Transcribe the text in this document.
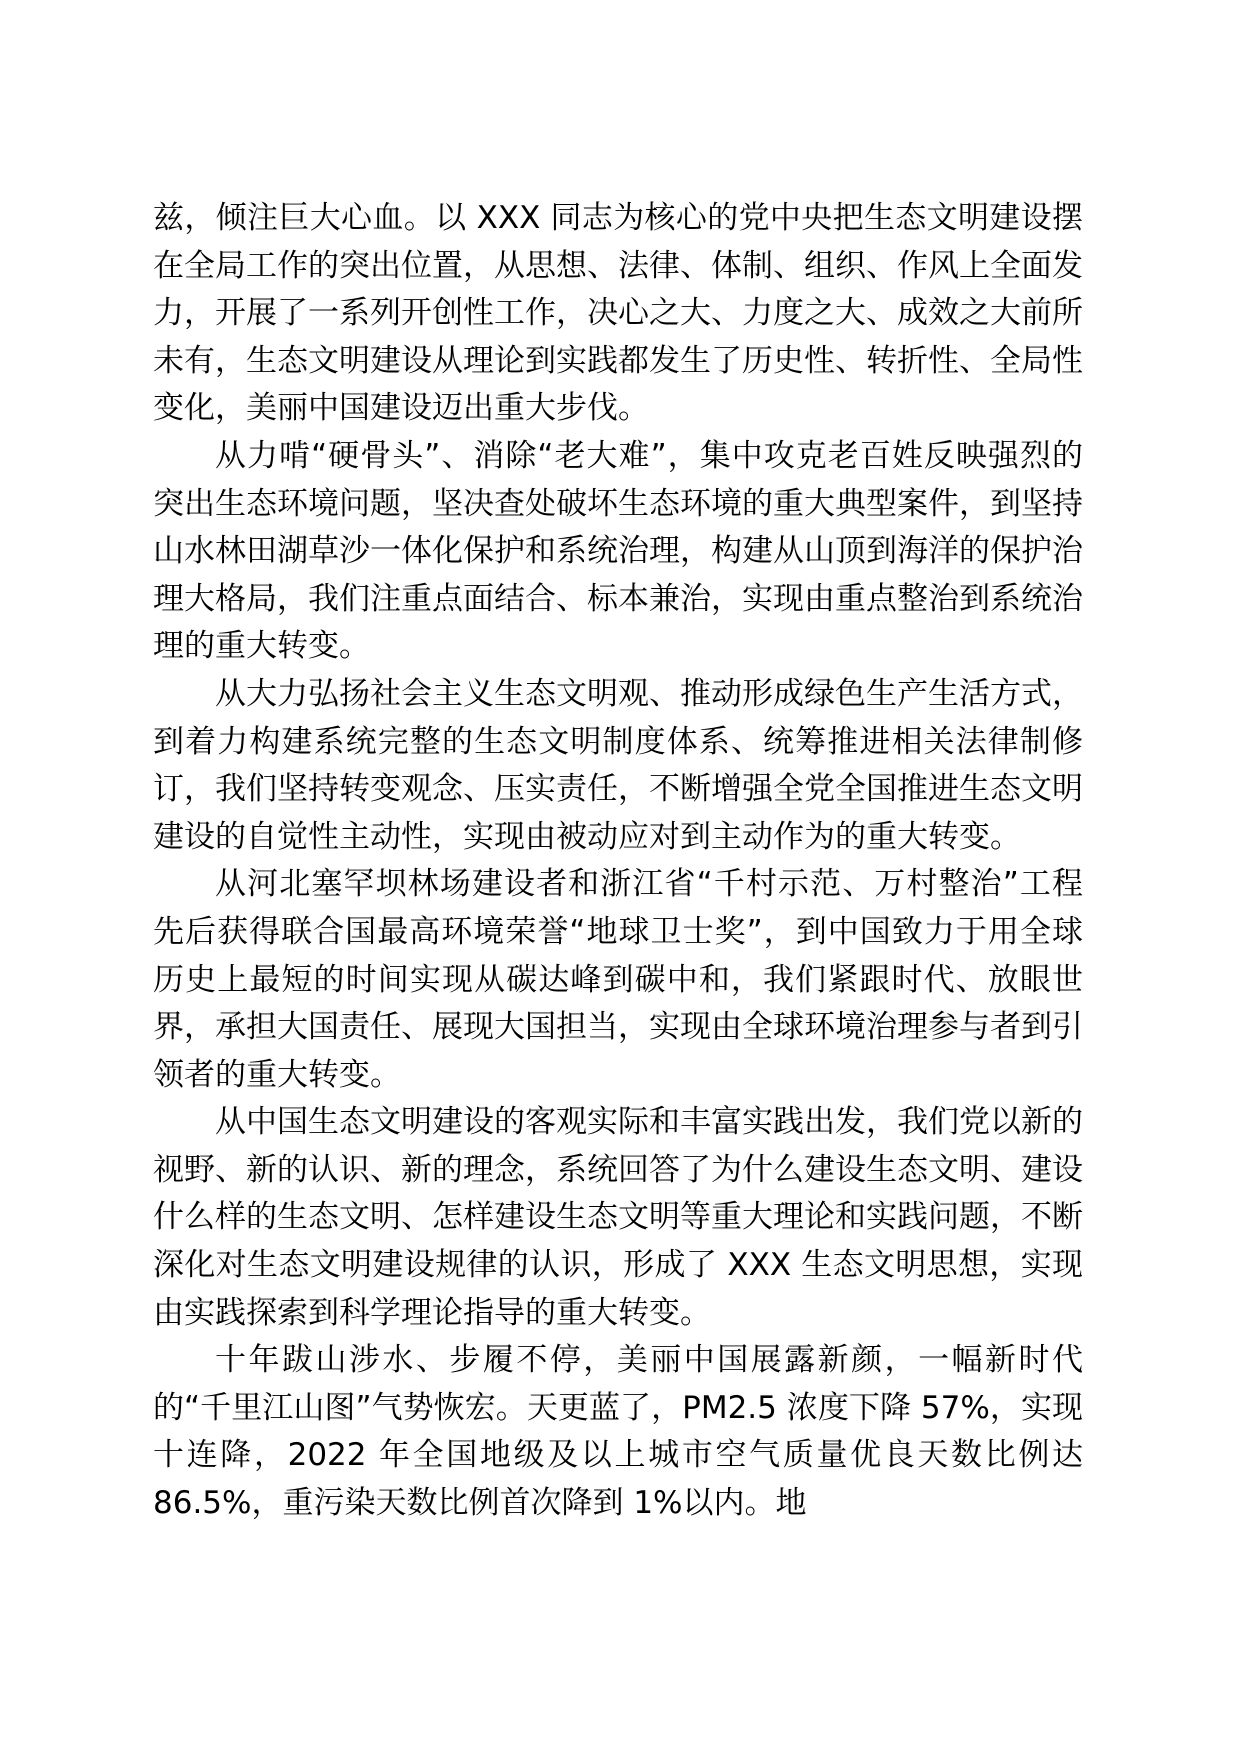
兹，倾注巨大心血。以 XXX 同志为核心的党中央把生态文明建设摆在全局工作的突出位置，从思想、法律、体制、组织、作风上全面发力，开展了一系列开创性工作，决心之大、力度之大、成效之大前所未有，生态文明建设从理论到实践都发生了历史性、转折性、全局性变化，美丽中国建设迈出重大步伐。

从力啃“硬骨头”、消除“老大难”，集中攻克老百姓反映强烈的突出生态环境问题，坚决查处破坏生态环境的重大典型案件，到坚持山水林田湖草沙一体化保护和系统治理，构建从山顶到海洋的保护治理大格局，我们注重点面结合、标本兼治，实现由重点整治到系统治理的重大转变。

从大力弘扬社会主义生态文明观、推动形成绿色生产生活方式，到着力构建系统完整的生态文明制度体系、统筹推进相关法律制修订，我们坚持转变观念、压实责任，不断增强全党全国推进生态文明建设的自觉性主动性，实现由被动应对到主动作为的重大转变。

从河北塞罕坝林场建设者和浙江省“千村示范、万村整治”工程先后获得联合国最高环境荣誉“地球卫士奖”，到中国致力于用全球历史上最短的时间实现从碳达峰到碳中和，我们紧跟时代、放眼世界，承担大国责任、展现大国担当，实现由全球环境治理参与者到引领者的重大转变。

从中国生态文明建设的客观实际和丰富实践出发，我们党以新的视野、新的认识、新的理念，系统回答了为什么建设生态文明、建设什么样的生态文明、怎样建设生态文明等重大理论和实践问题，不断深化对生态文明建设规律的认识，形成了 XXX 生态文明思想，实现由实践探索到科学理论指导的重大转变。

十年跋山涉水、步履不停，美丽中国展露新颜，一幅新时代的“千里江山图”气势恢宏。天更蓝了，PM2.5 浓度下降 57%，实现十连降，2022 年全国地级及以上城市空气质量优良天数比例达 86.5%，重污染天数比例首次降到 1%以内。地
